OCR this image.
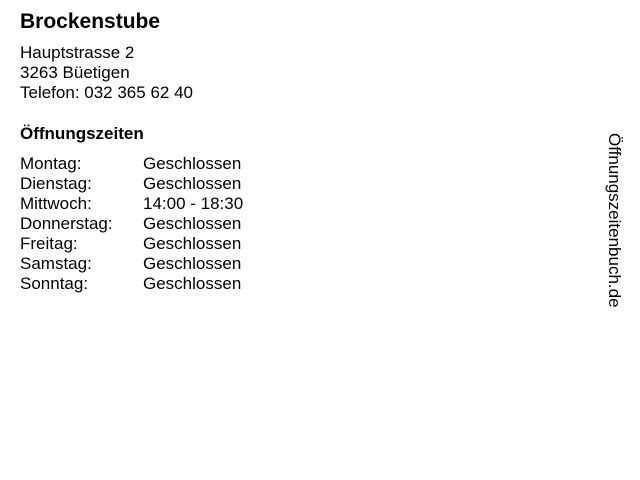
Brockenstube
Hauptstrasse 2
3263 Büetigen
Telefon: 032 365 62 40
Öffnungszeiten
Montag:	Geschlossen
Dienstag:	Geschlossen
Mittwoch:	14:00 - 18:30
Donnerstag: Geschlossen
Freitag:	Geschlossen
Samstag:	Geschlossen
Sonntag:	Geschlossen	Öffnungszeitenbuch.de
